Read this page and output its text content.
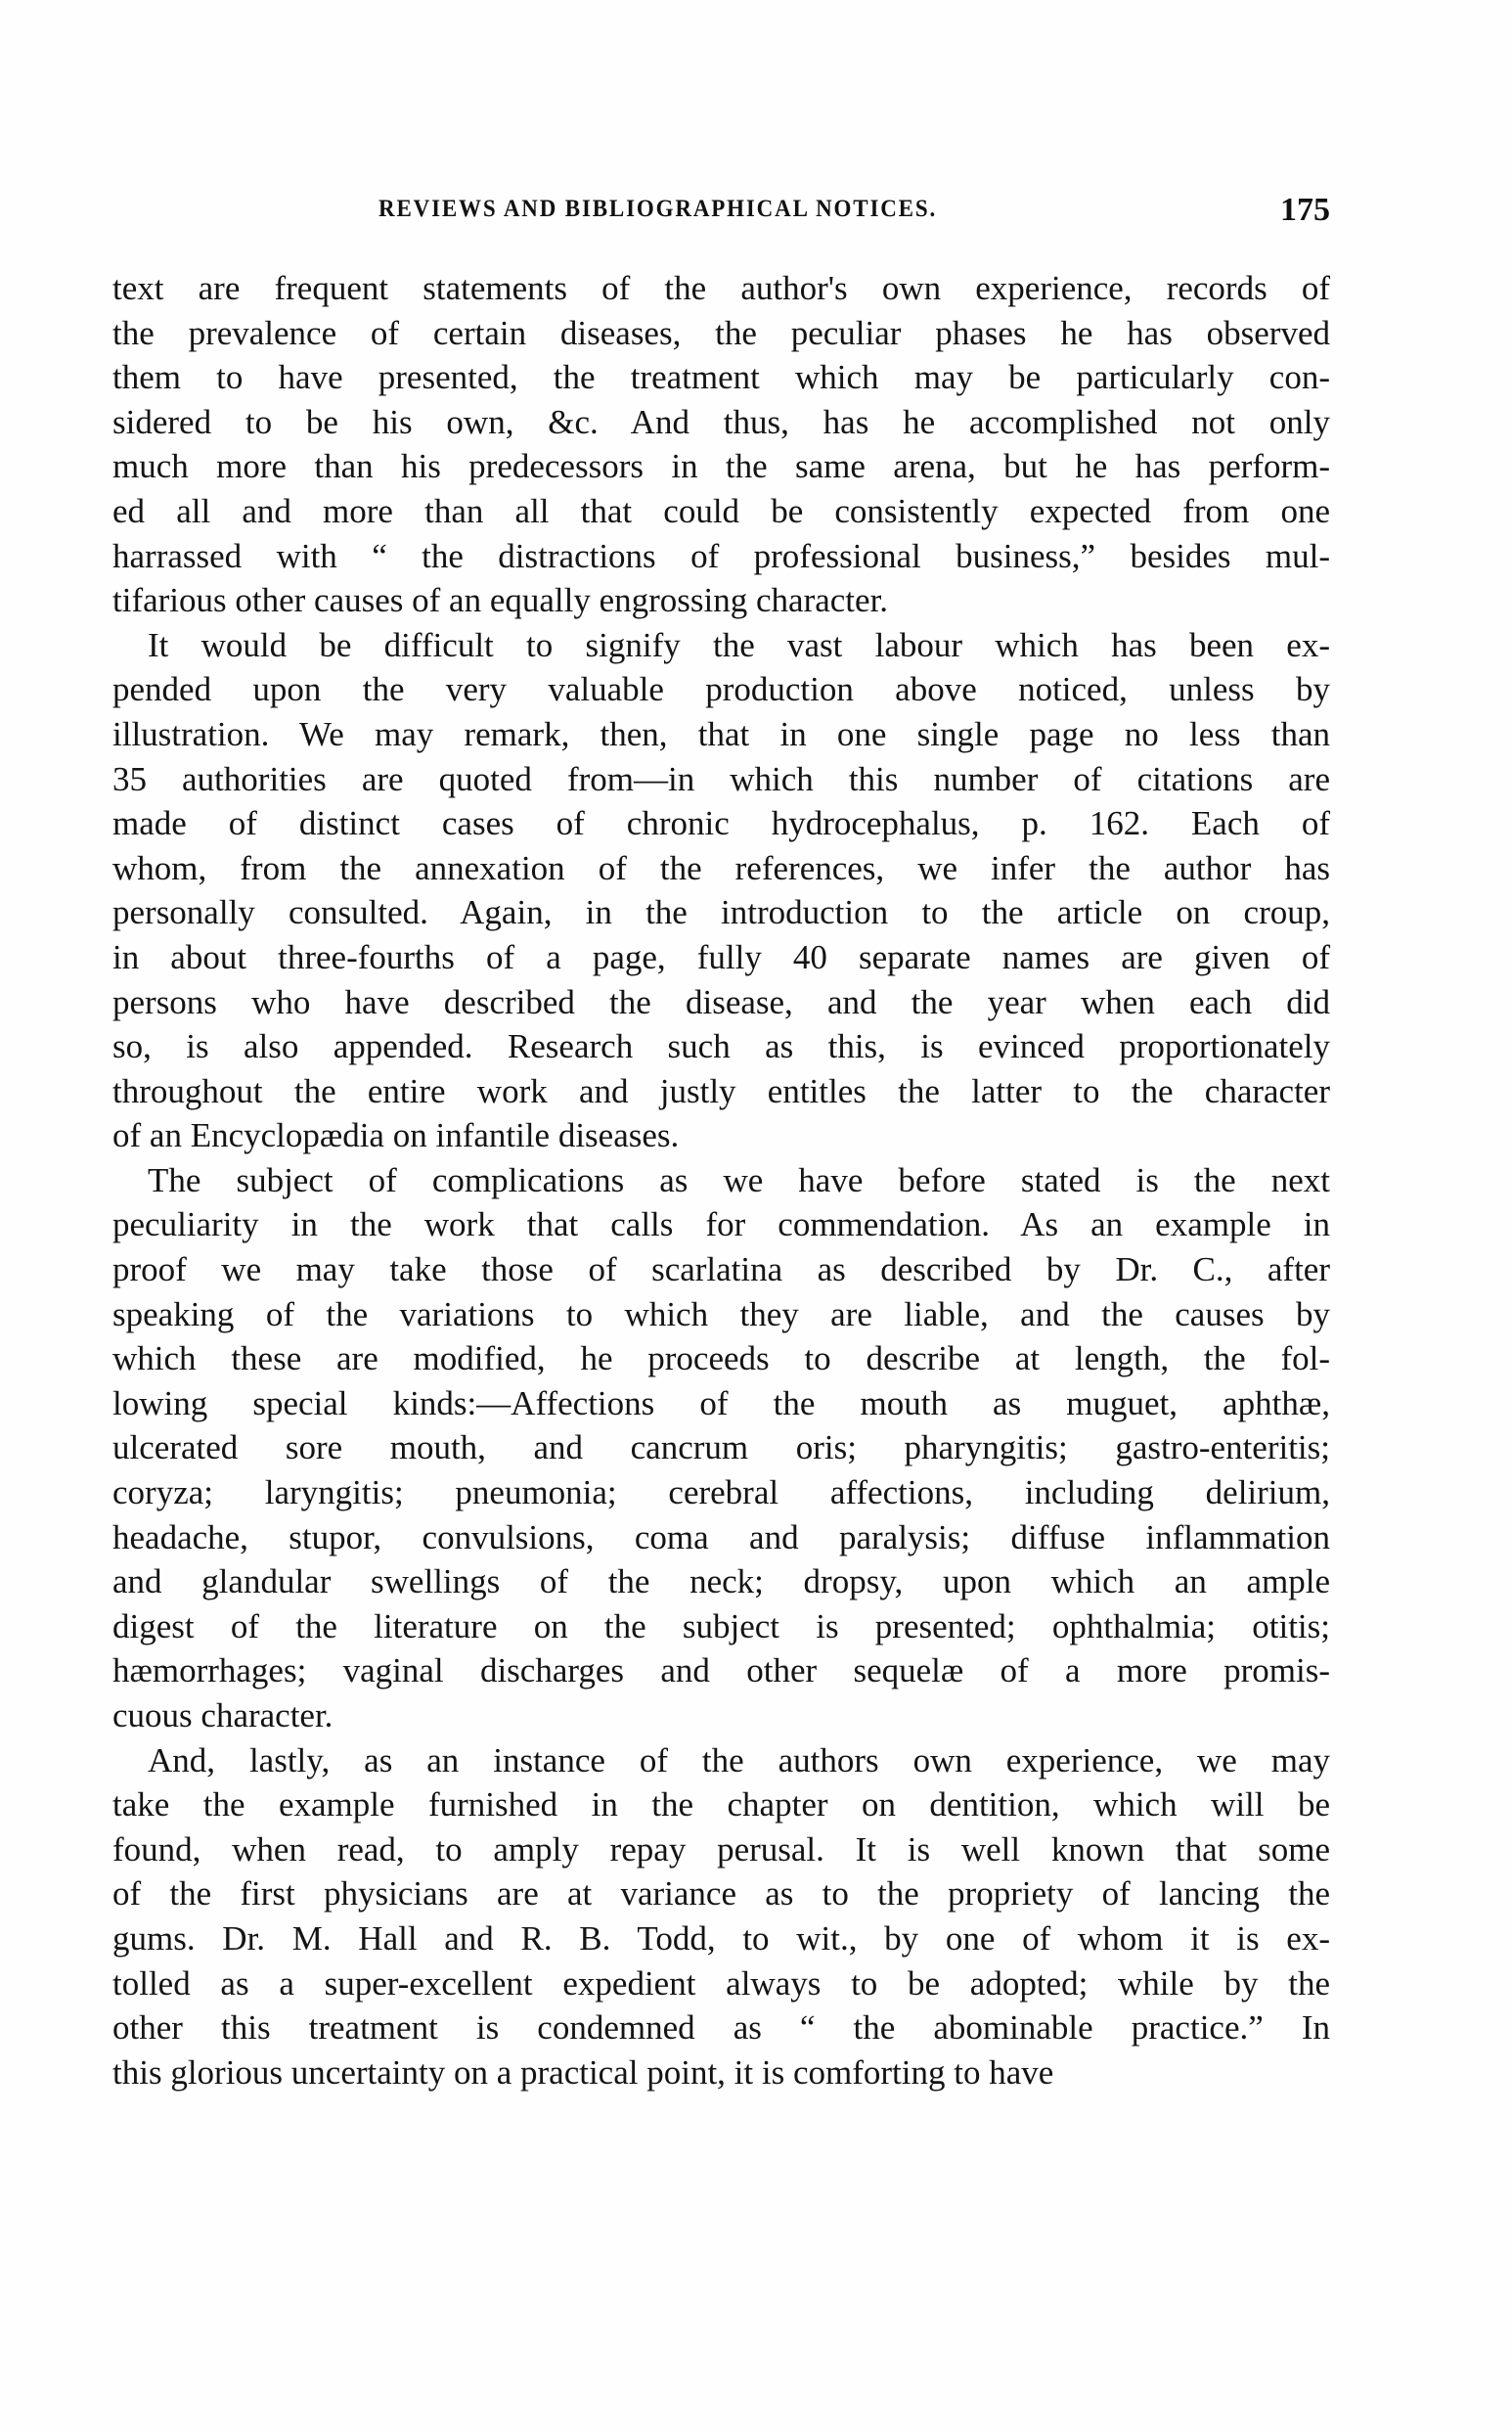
REVIEWS AND BIBLIOGRAPHICAL NOTICES.	175
text are frequent statements of the author's own experience, records of
the prevalence of certain diseases, the peculiar phases he has observed
them to have presented, the treatment which may be particularly con-
sidered to be his own, &c. And thus, has he accomplished not only
much more than his predecessors in the same arena, but he has perform-
ed all and more than all that could be consistently expected from one
harrassed with “ the distractions of professional business,” besides mul-
tifarious other causes of an equally engrossing character.
It would be difficult to signify the vast labour which has been ex-
pended upon the very valuable production above noticed, unless by
illustration. We may remark, then, that in one single page no less than
35 authorities are quoted from—in which this number of citations are
made of distinct cases of chronic hydrocephalus, p. 162. Each of
whom, from the annexation of the references, we infer the author has
personally consulted. Again, in the introduction to the article on croup,
in about three-fourths of a page, fully 40 separate names are given of
persons who have described the disease, and the year when each did
so, is also appended. Research such as this, is evinced proportionately
throughout the entire work and justly entitles the latter to the character
of an Encyclopædia on infantile diseases.
The subject of complications as we have before stated is the next
peculiarity in the work that calls for commendation. As an example in
proof we may take those of scarlatina as described by Dr. C., after
speaking of the variations to which they are liable, and the causes by
which these are modified, he proceeds to describe at length, the fol-
lowing special kinds:—Affections of the mouth as muguet, aphthæ,
ulcerated sore mouth, and cancrum oris; pharyngitis; gastro-enteritis;
coryza; laryngitis; pneumonia; cerebral affections, including delirium,
headache, stupor, convulsions, coma and paralysis; diffuse inflammation
and glandular swellings of the neck; dropsy, upon which an ample
digest of the literature on the subject is presented; ophthalmia; otitis;
hæmorrhages; vaginal discharges and other sequelæ of a more promis-
cuous character.
And, lastly, as an instance of the authors own experience, we may
take the example furnished in the chapter on dentition, which will be
found, when read, to amply repay perusal. It is well known that some
of the first physicians are at variance as to the propriety of lancing the
gums. Dr. M. Hall and R. B. Todd, to wit., by one of whom it is ex-
tolled as a super-excellent expedient always to be adopted; while by the
other this treatment is condemned as “ the abominable practice.” In
this glorious uncertainty on a practical point, it is comforting to have
